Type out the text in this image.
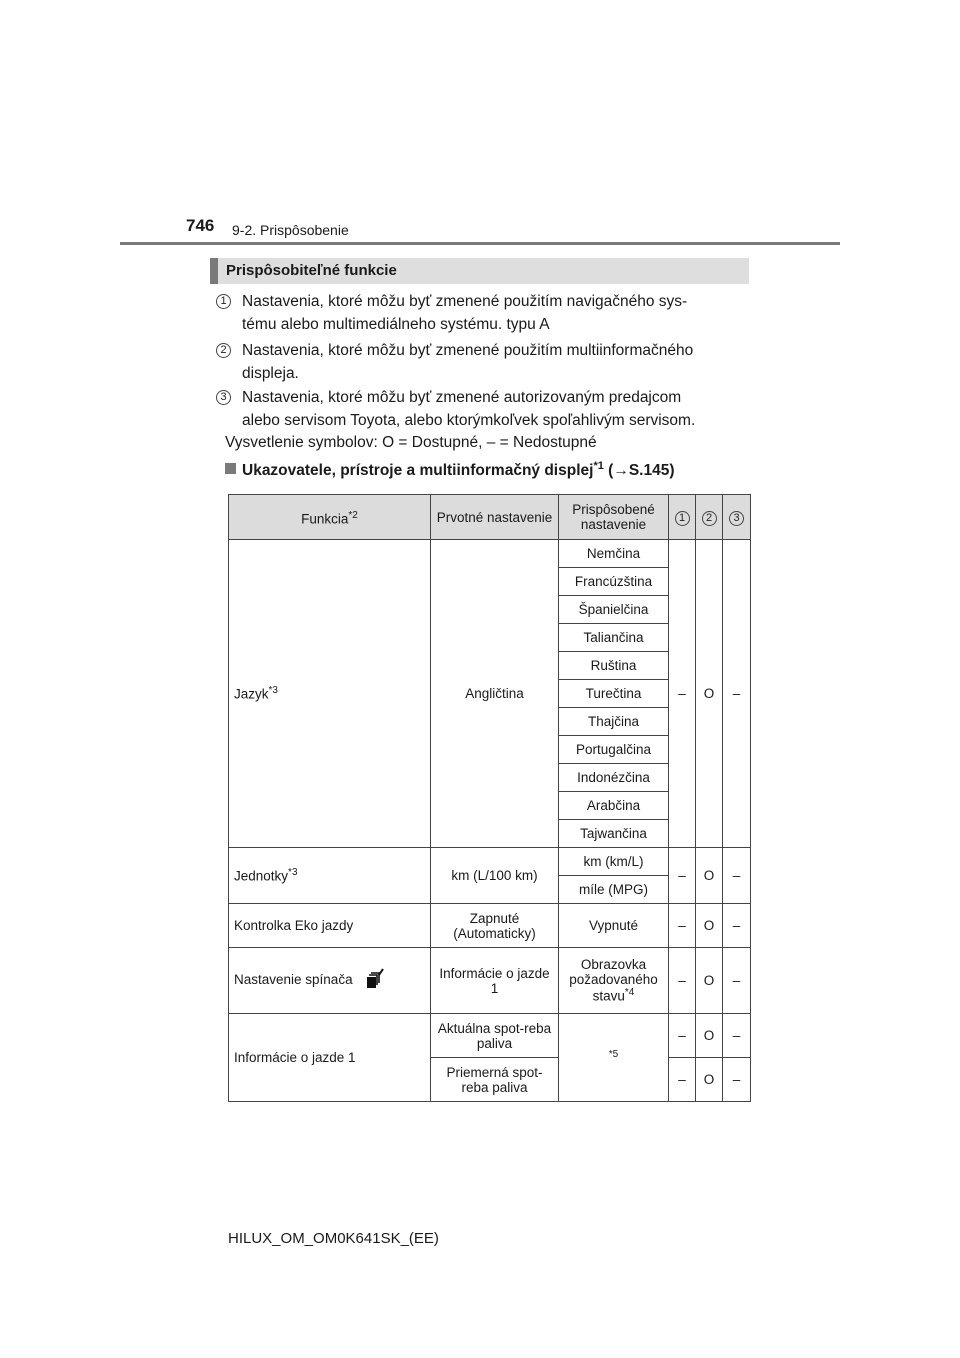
746 9-2. Prispôsobenie
Prispôsobiteľné funkcie
1 Nastavenia, ktoré môžu byť zmenené použitím navigačného sys-
tému alebo multimediálneho systému. typu A
2 Nastavenia, ktoré môžu byť zmenené použitím multiinformačného
displeja.
3 Nastavenia, ktoré môžu byť zmenené autorizovaným predajcom
alebo servisom Toyota, alebo ktorýmkoľvek spoľahlivým servisom.
Vysvetlenie symbolov: O = Dostupné, – = Nedostupné
Ukazovatele, prístroje a multiinformačný displej$^{*1}$ (→S.145)
Funkcia$^{*2}$	Prvotné nastavenie	Prispôsobené nastavenie	1	2	3
Jazyk$^{*3}$	Angličtina	Nemčina	–	O	–
		Francúzština			
		Španielčina			
		Taliančina			
		Ruština			
		Turečtina			
		Thajčina			
		Portugalčina			
		Indonézčina			
		Arabčina			
		Tajwančina			
Jednotky$^{*3}$	km (L/100 km)	km (km/L)	–	O	–
		míle (MPG)			
Kontrolka Eko jazdy	Zapnuté (Automaticky)	Vypnuté	–	O	–
Nastavenie spínača	Informácie o jazde 1	Obrazovka požadovaného stavu$^{*4}$	–	O	–
Informácie o jazde 1	Aktuálna spot-reba paliva	$^{*5}$	–	O	–
	Priemerná spot-reba paliva		–	O	–
HILUX_OM_OM0K641SK_(EE)
